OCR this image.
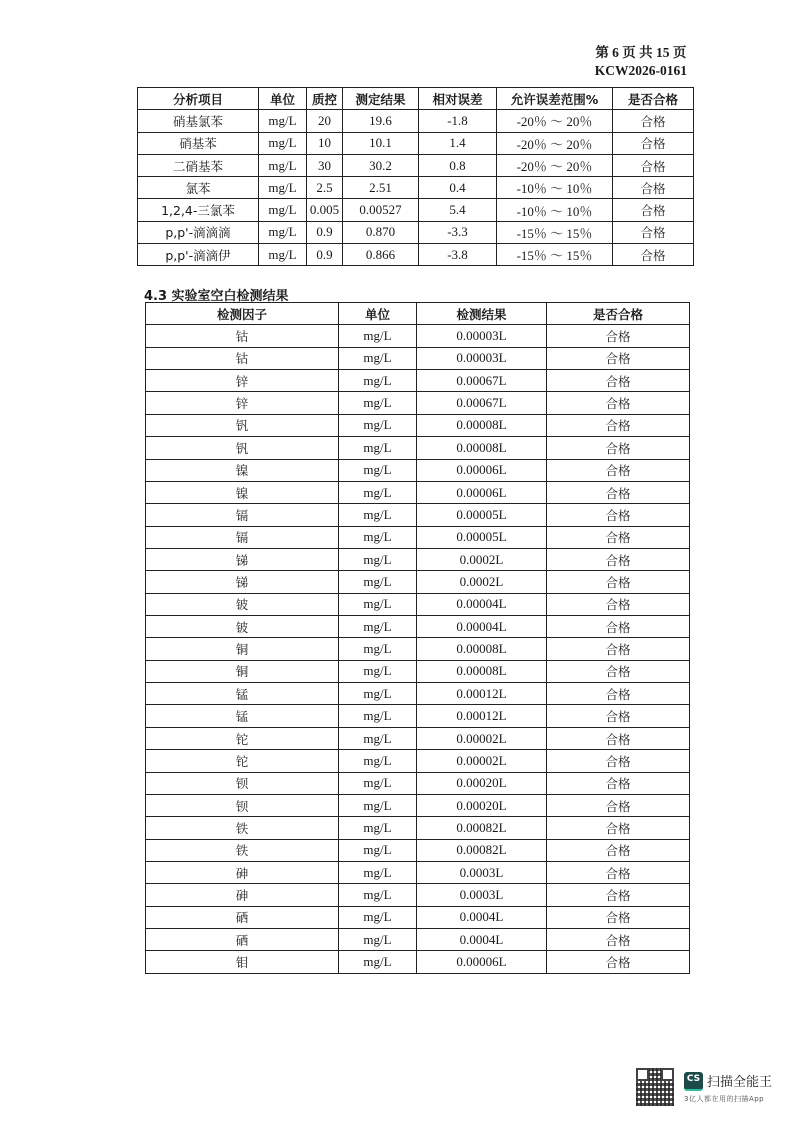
第 6 页 共 15 页
KCW2026-0161
分析项目	单位	质控	测定结果	相对误差	允许误差范围%	是否合格
硝基氯苯	mg/L	20	19.6	-1.8	-20％ ～ 20％	合格
硝基苯	mg/L	10	10.1	1.4	-20％ ～ 20％	合格
二硝基苯	mg/L	30	30.2	0.8	-20％ ～ 20％	合格
氯苯	mg/L	2.5	2.51	0.4	-10％ ～ 10％	合格
1,2,4-三氯苯	mg/L	0.005	0.00527	5.4	-10％ ～ 10％	合格
p,p'-滴滴滴	mg/L	0.9	0.870	-3.3	-15％ ～ 15％	合格
p,p'-滴滴伊	mg/L	0.9	0.866	-3.8	-15％ ～ 15％	合格
4.3 实验室空白检测结果
检测因子	单位	检测结果	是否合格
钴	mg/L	0.00003L	合格
钴	mg/L	0.00003L	合格
锌	mg/L	0.00067L	合格
锌	mg/L	0.00067L	合格
钒	mg/L	0.00008L	合格
钒	mg/L	0.00008L	合格
镍	mg/L	0.00006L	合格
镍	mg/L	0.00006L	合格
镉	mg/L	0.00005L	合格
镉	mg/L	0.00005L	合格
锑	mg/L	0.0002L	合格
锑	mg/L	0.0002L	合格
铍	mg/L	0.00004L	合格
铍	mg/L	0.00004L	合格
铜	mg/L	0.00008L	合格
铜	mg/L	0.00008L	合格
锰	mg/L	0.00012L	合格
锰	mg/L	0.00012L	合格
铊	mg/L	0.00002L	合格
铊	mg/L	0.00002L	合格
钡	mg/L	0.00020L	合格
钡	mg/L	0.00020L	合格
铁	mg/L	0.00082L	合格
铁	mg/L	0.00082L	合格
砷	mg/L	0.0003L	合格
砷	mg/L	0.0003L	合格
硒	mg/L	0.0004L	合格
硒	mg/L	0.0004L	合格
钼	mg/L	0.00006L	合格
CS 扫描全能王
3亿人都在用的扫描App
